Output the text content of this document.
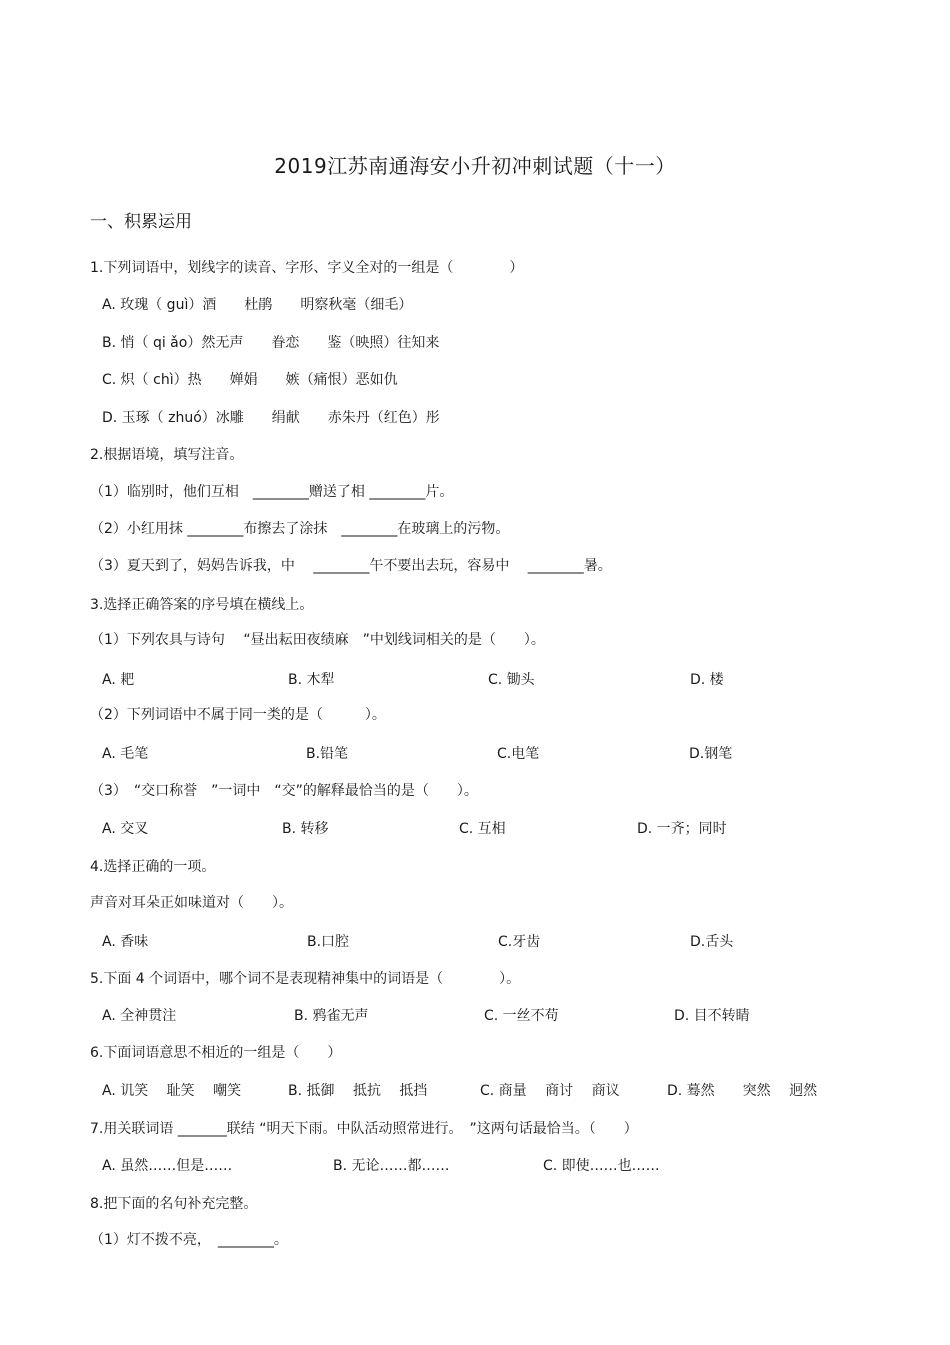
2019江苏南通海安小升初冲刺试题（十一）
一、积累运用
1.下列词语中，划线字的读音、字形、字义全对的一组是（　　　　）
A. 玫瑰（ guì）酒　　杜鹃　　明察秋毫（细毛）
B. 悄（ qi ǎo）然无声　　眷恋　　鉴（映照）往知来
C. 炽（ chì）热　　婵娟　　嫉（痛恨）恶如仇
D. 玉琢（ zhuó）冰雕　　绢献　　赤朱丹（红色）彤
2.根据语境，填写注音。
（1）临别时，他们互相　________赠送了相 ________片。
（2）小红用抹 ________布擦去了涂抹　________在玻璃上的污物。
（3）夏天到了，妈妈告诉我，中　 ________午不要出去玩，容易中　 ________暑。
3.选择正确答案的序号填在横线上。
（1）下列农具与诗句　 “昼出耘田夜绩麻　”中划线词相关的是（　　）。
A. 耙	B. 木犁	C. 锄头	D. 楼
（2）下列词语中不属于同一类的是（　　　）。
A. 毛笔	B.铅笔	C.电笔	D.钢笔
（3）　“交口称誉　”一词中　“交”的解释最恰当的是（　　）。
A. 交叉	B. 转移	C. 互相	D. 一齐；同时
4.选择正确的一项。
声音对耳朵正如味道对（　　）。
A. 香味	B.口腔	C.牙齿	D.舌头
5.下面 4 个词语中，哪个词不是表现精神集中的词语是（　　　　）。
A. 全神贯注	B. 鸦雀无声	C. 一丝不苟	D. 目不转睛
6.下面词语意思不相近的一组是（　　）
A. 讥笑　 耻笑　 嘲笑	B. 抵御　 抵抗　 抵挡	C. 商量　 商讨　 商议	D. 蓦然　　突然　 迥然
7.用关联词语 _______联结 “明天下雨。中队活动照常进行。　”这两句话最恰当。（　　）
A. 虽然……但是……	B. 无论……都……	C. 即使……也……
8.把下面的名句补充完整。
（1）灯不拨不亮，　________。
